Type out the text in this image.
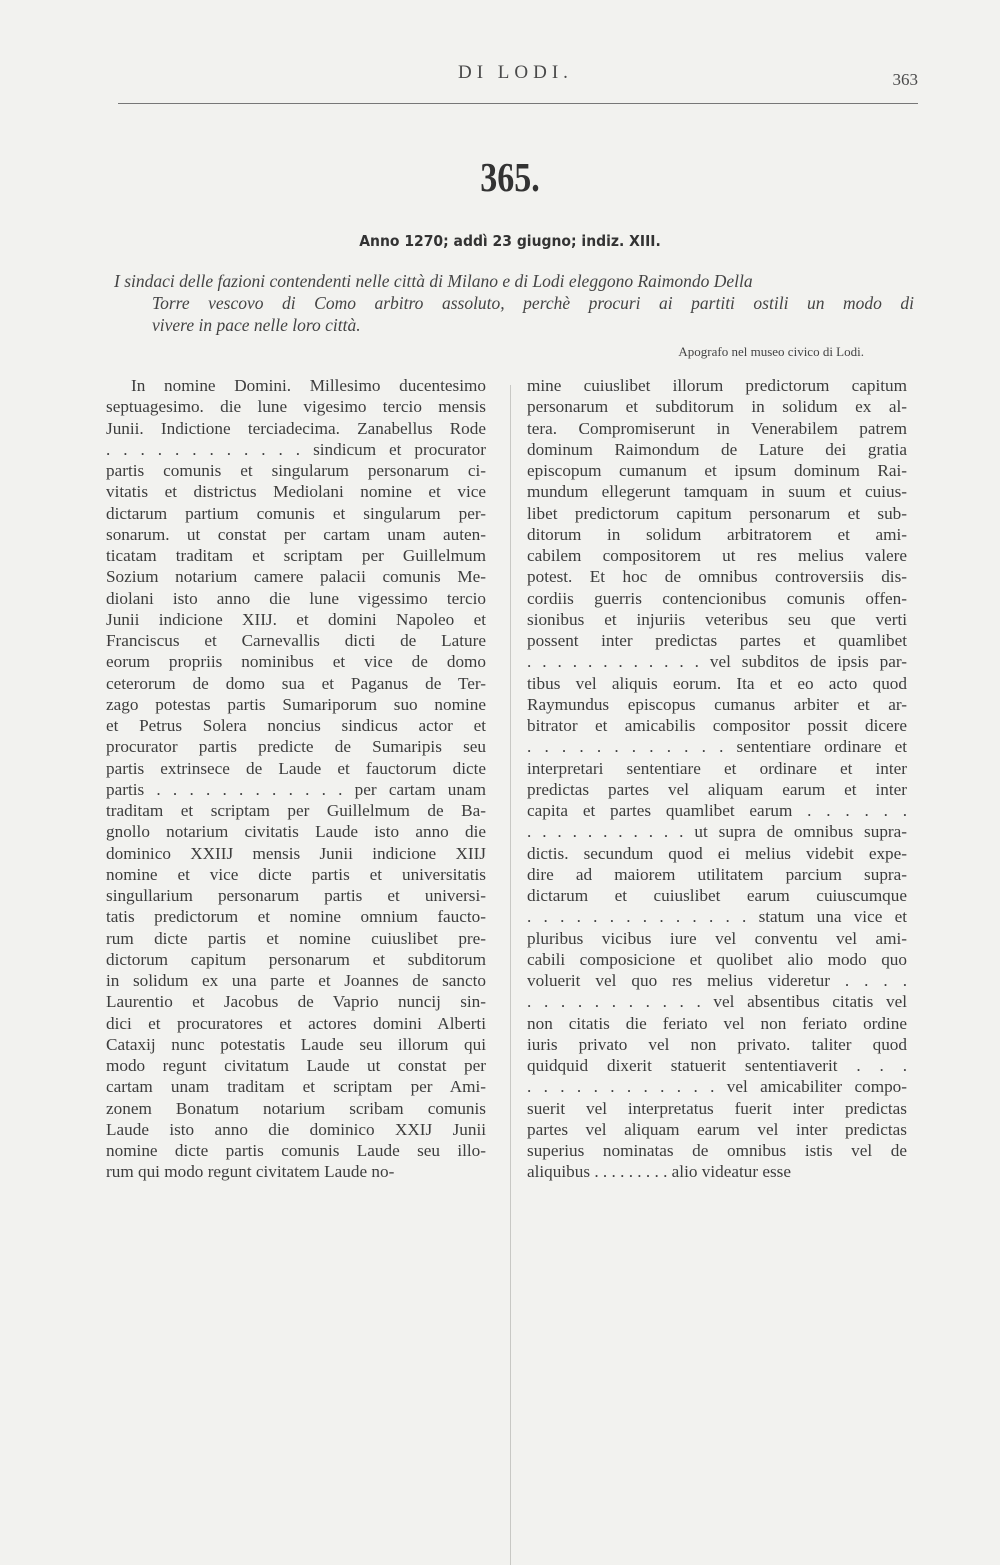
DI LODI.	363
365.
Anno 1270; addì 23 giugno; indiz. XIII.
I sindaci delle fazioni contendenti nelle città di Milano e di Lodi eleggono Raimondo Della
Torre vescovo di Como arbitro assoluto, perchè procuri ai partiti ostili un modo di
vivere in pace nelle loro città.
Apografo nel museo civico di Lodi.
In nomine Domini. Millesimo ducentesimo
septuagesimo. die lune vigesimo tercio mensis
Junii. Indictione terciadecima. Zanabellus Rode
. . . . . . . . . . . . sindicum et procurator
partis comunis et singularum personarum ci-
vitatis et districtus Mediolani nomine et vice
dictarum partium comunis et singularum per-
sonarum. ut constat per cartam unam auten-
ticatam traditam et scriptam per Guillelmum
Sozium notarium camere palacii comunis Me-
diolani isto anno die lune vigessimo tercio
Junii indicione XIIJ. et domini Napoleo et
Franciscus et Carnevallis dicti de Lature
eorum propriis nominibus et vice de domo
ceterorum de domo sua et Paganus de Ter-
zago potestas partis Sumariporum suo nomine
et Petrus Solera noncius sindicus actor et
procurator partis predicte de Sumaripis seu
partis extrinsece de Laude et fauctorum dicte
partis . . . . . . . . . . . . per cartam unam
traditam et scriptam per Guillelmum de Ba-
gnollo notarium civitatis Laude isto anno die
dominico XXIIJ mensis Junii indicione XIIJ
nomine et vice dicte partis et universitatis
singullarium personarum partis et universi-
tatis predictorum et nomine omnium faucto-
rum dicte partis et nomine cuiuslibet pre-
dictorum capitum personarum et subditorum
in solidum ex una parte et Joannes de sancto
Laurentio et Jacobus de Vaprio nuncij sin-
dici et procuratores et actores domini Alberti
Cataxij nunc potestatis Laude seu illorum qui
modo regunt civitatum Laude ut constat per
cartam unam traditam et scriptam per Ami-
zonem Bonatum notarium scribam comunis
Laude isto anno die dominico XXIJ Junii
nomine dicte partis comunis Laude seu illo-
rum qui modo regunt civitatem Laude no-
mine cuiuslibet illorum predictorum capitum
personarum et subditorum in solidum ex al-
tera. Compromiserunt in Venerabilem patrem
dominum Raimondum de Lature dei gratia
episcopum cumanum et ipsum dominum Rai-
mundum ellegerunt tamquam in suum et cuius-
libet predictorum capitum personarum et sub-
ditorum in solidum arbitratorem et ami-
cabilem compositorem ut res melius valere
potest. Et hoc de omnibus controversiis dis-
cordiis guerris contencionibus comunis offen-
sionibus et injuriis veteribus seu que verti
possent inter predictas partes et quamlibet
. . . . . . . . . . . . vel subditos de ipsis par-
tibus vel aliquis eorum. Ita et eo acto quod
Raymundus episcopus cumanus arbiter et ar-
bitrator et amicabilis compositor possit dicere
. . . . . . . . . . . . sententiare ordinare et
interpretari sententiare et ordinare et inter
predictas partes vel aliquam earum et inter
capita et partes quamlibet earum . . . . . .
. . . . . . . . . . . ut supra de omnibus supra-
dictis. secundum quod ei melius videbit expe-
dire ad maiorem utilitatem parcium supra-
dictarum et cuiuslibet earum cuiuscumque
. . . . . . . . . . . . . . statum una vice et
pluribus vicibus iure vel conventu vel ami-
cabili composicione et quolibet alio modo quo
voluerit vel quo res melius videretur . . . .
. . . . . . . . . . . vel absentibus citatis vel
non citatis die feriato vel non feriato ordine
iuris privato vel non privato. taliter quod
quidquid dixerit statuerit sententiaverit . . .
. . . . . . . . . . . . vel amicabiliter compo-
suerit vel interpretatus fuerit inter predictas
partes vel aliquam earum vel inter predictas
superius nominatas de omnibus istis vel de
aliquibus . . . . . . . . . alio videatur esse
